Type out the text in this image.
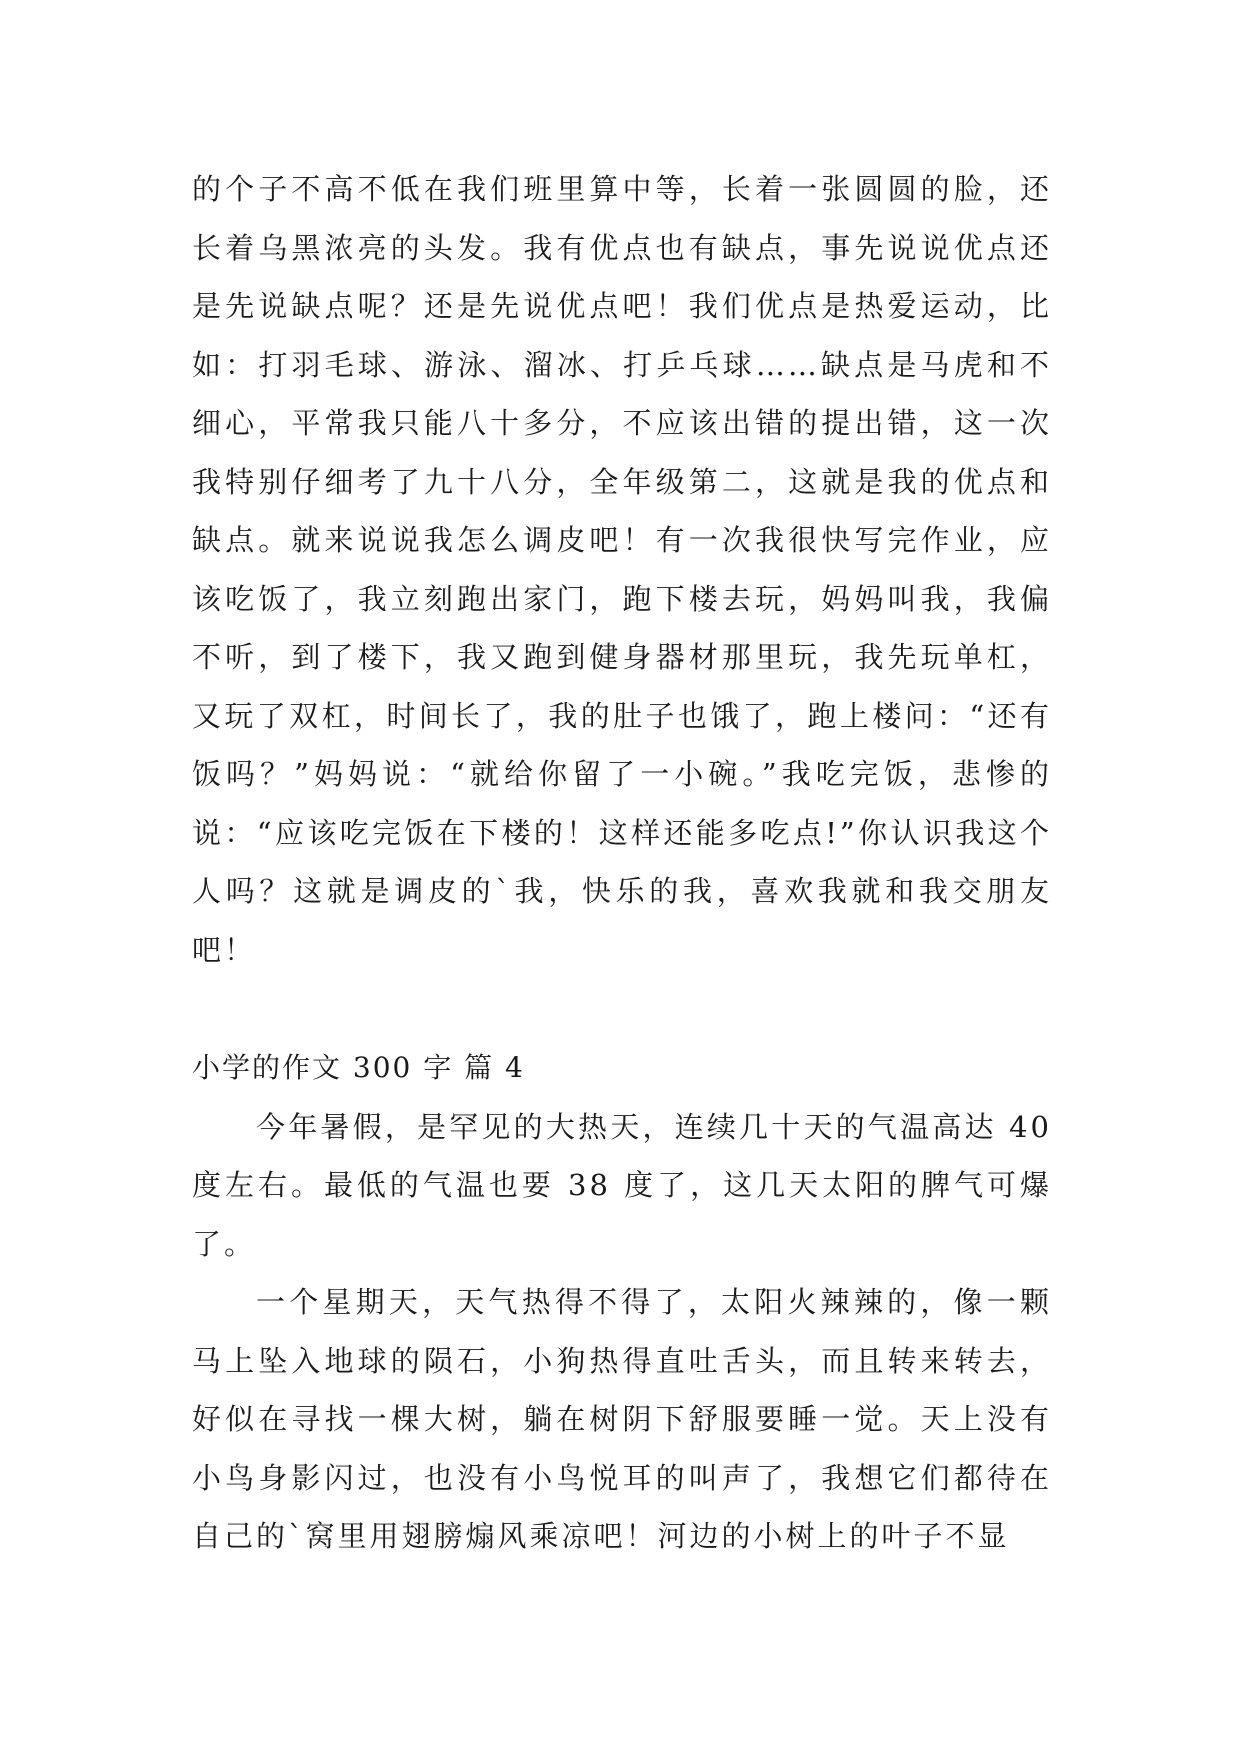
的个子不高不低在我们班里算中等，长着一张圆圆的脸，还长着乌黑浓亮的头发。我有优点也有缺点，事先说说优点还是先说缺点呢？还是先说优点吧！我们优点是热爱运动，比如：打羽毛球、游泳、溜冰、打乒乓球……缺点是马虎和不细心，平常我只能八十多分，不应该出错的提出错，这一次我特别仔细考了九十八分，全年级第二，这就是我的优点和缺点。就来说说我怎么调皮吧！有一次我很快写完作业，应该吃饭了，我立刻跑出家门，跑下楼去玩，妈妈叫我，我偏不听，到了楼下，我又跑到健身器材那里玩，我先玩单杠，又玩了双杠，时间长了，我的肚子也饿了，跑上楼问：“还有饭吗？”妈妈说：“就给你留了一小碗。”我吃完饭，悲惨的说：“应该吃完饭在下楼的！这样还能多吃点!”你认识我这个人吗？这就是调皮的`我，快乐的我，喜欢我就和我交朋友吧！

小学的作文 300 字 篇 4

今年暑假，是罕见的大热天，连续几十天的气温高达 40 度左右。最低的气温也要 38 度了，这几天太阳的脾气可爆了。

一个星期天，天气热得不得了，太阳火辣辣的，像一颗马上坠入地球的陨石，小狗热得直吐舌头，而且转来转去，好似在寻找一棵大树，躺在树阴下舒服要睡一觉。天上没有小鸟身影闪过，也没有小鸟悦耳的叫声了，我想它们都待在自己的`窝里用翅膀煽风乘凉吧！河边的小树上的叶子不显
